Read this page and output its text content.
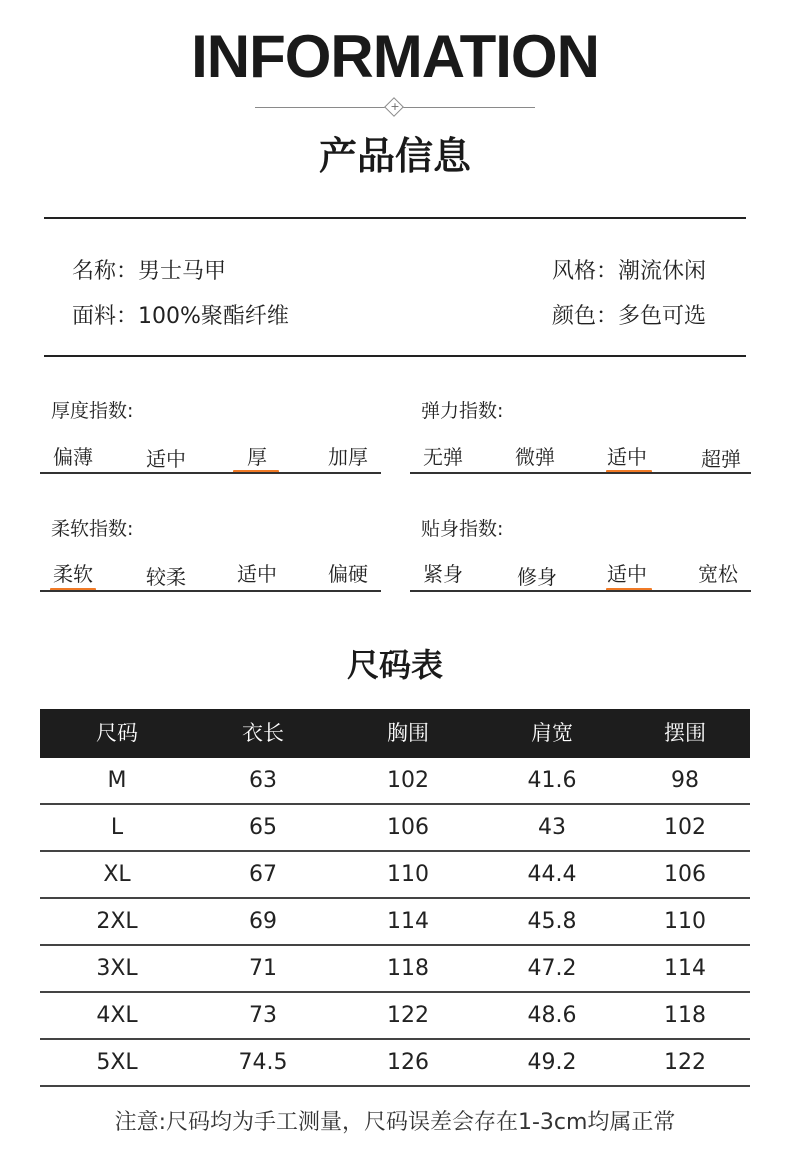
INFORMATION
+
产品信息
名称：男士马甲	风格：潮流休闲
面料：100%聚酯纤维	颜色：多色可选
厚度指数:
偏薄	适中	厚	加厚
弹力指数:
无弹	微弹	适中	超弹
柔软指数:
柔软	较柔	适中	偏硬
贴身指数:
紧身	修身	适中	宽松
尺码表
尺码	衣长	胸围	肩宽	摆围
M	63	102	41.6	98
L	65	106	43	102
XL	67	110	44.4	106
2XL	69	114	45.8	110
3XL	71	118	47.2	114
4XL	73	122	48.6	118
5XL	74.5	126	49.2	122
注意:尺码均为手工测量，尺码误差会存在1-3cm均属正常
